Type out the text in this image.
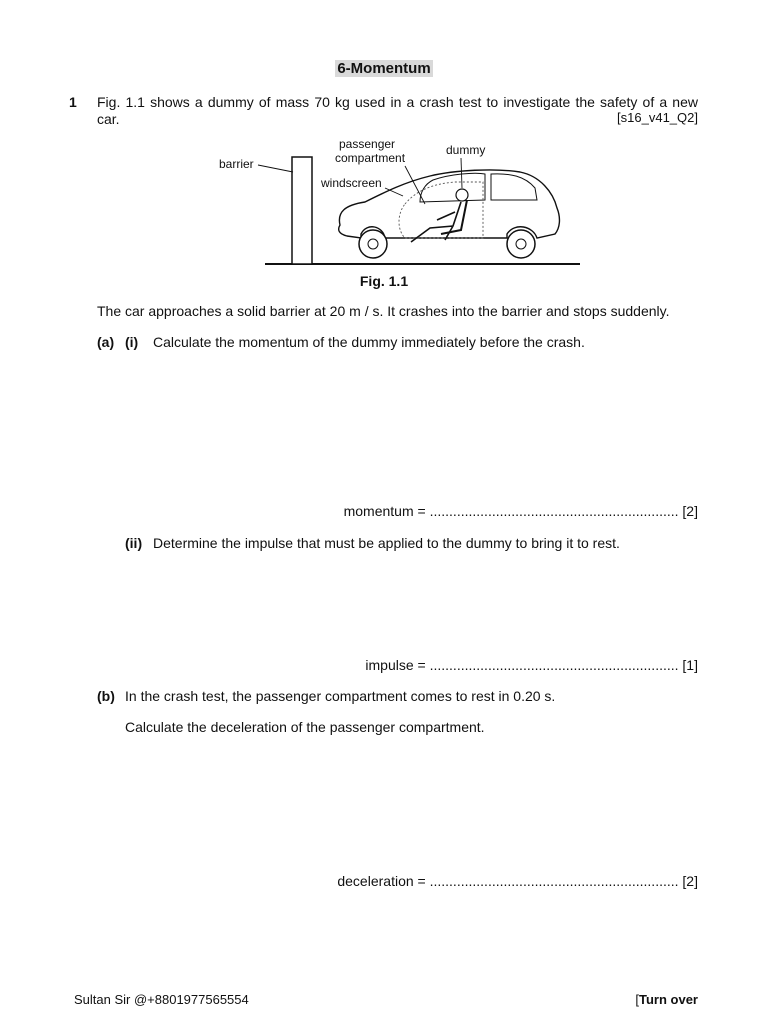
6-Momentum
1 Fig. 1.1 shows a dummy of mass 70 kg used in a crash test to investigate the safety of a new car.	[s16_v41_Q2]
barrier
passenger
compartment
dummy
windscreen
Fig. 1.1
The car approaches a solid barrier at 20 m / s. It crashes into the barrier and stops suddenly.
(a) (i) Calculate the momentum of the dummy immediately before the crash.
momentum = ................................................................ [2]
(ii) Determine the impulse that must be applied to the dummy to bring it to rest.
impulse = ................................................................ [1]
(b) In the crash test, the passenger compartment comes to rest in 0.20 s.
Calculate the deceleration of the passenger compartment.
deceleration = ................................................................ [2]
Sultan Sir @+8801977565554	[Turn over
